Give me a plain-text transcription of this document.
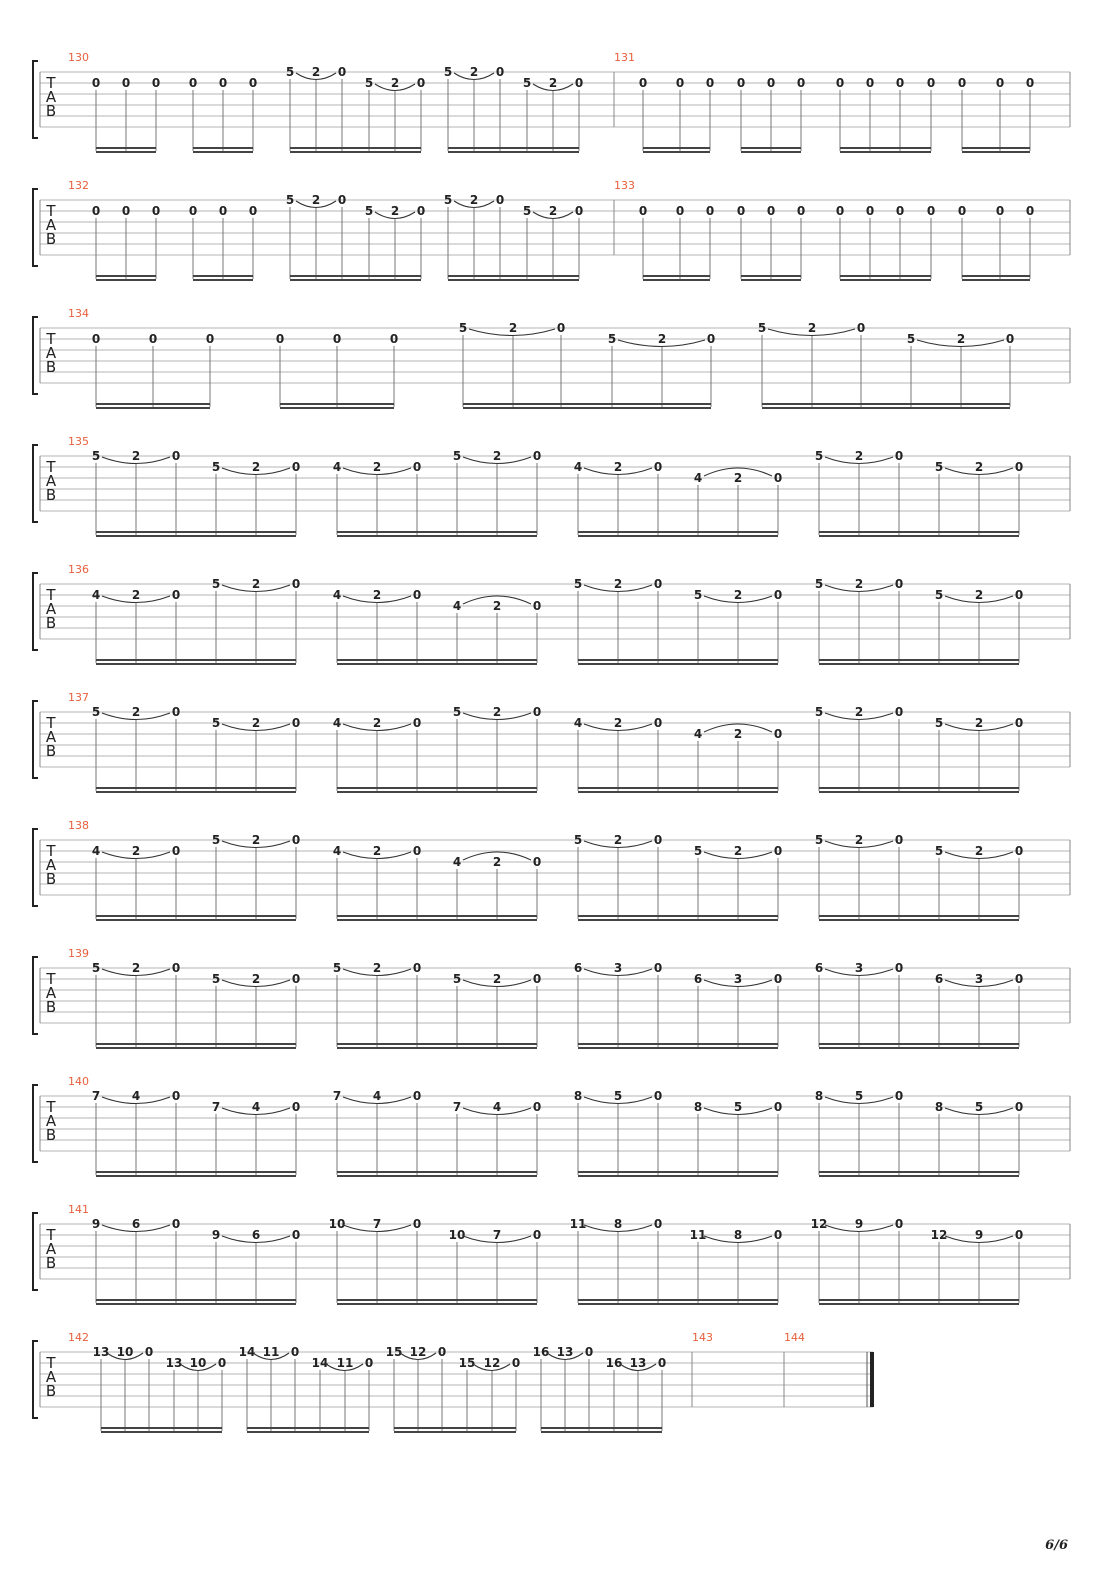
T
A
B
130	131
0 0 0 0 0 0
5 2 0
5 2 0
5 2 0
5 2 0	0 0 0 0 0 0	0 0 0 0 0 0 0
T
A
B
132	133
0 0 0 0 0 0
5 2 0
5 2 0
5 2 0
5 2 0	0 0 0 0 0 0	0 0 0 0 0 0 0
T
A
B
134
0	0	0	0	0	0
5	2	0
5	2	0
5	2	0
5	2	0
T
A
B
135
5	2	0
5	2	0	4	2	0
5	2	0
4	2	0
4	2	0
5	2	0
5	2	0
T
A
B
136
4	2	0
5	2	0
4	2	0
4	2	0
5	2	0
5	2	0
5	2	0
5	2	0
T
A
B
137
5	2	0
5	2	0	4	2	0
5	2	0
4	2	0
4	2	0
5	2	0
5	2	0
T
A
B
138
4	2	0
5	2	0
4	2	0
4	2	0
5	2	0
5	2	0
5	2	0
5	2	0
T
A
B
139
5	2	0
5	2	0
5	2	0
5	2	0
6	3	0
6	3	0
6	3	0
6	3	0
T
A
B
140
7	4	0
7	4	0
7	4	0
7	4	0
8	5	0
8	5	0
8	5	0
8	5	0
T
A
B
141
9	6	0
9	6	0
10 7	0
10 7	0
11 8	0
11 8	0
12 9	0
12 9	0
T
A
B
142	143	144
13 10 0
13 10 0
14 11 0
14 11 0
15 12 0
15 12 0
16 13 0
16 13 0
6/6
